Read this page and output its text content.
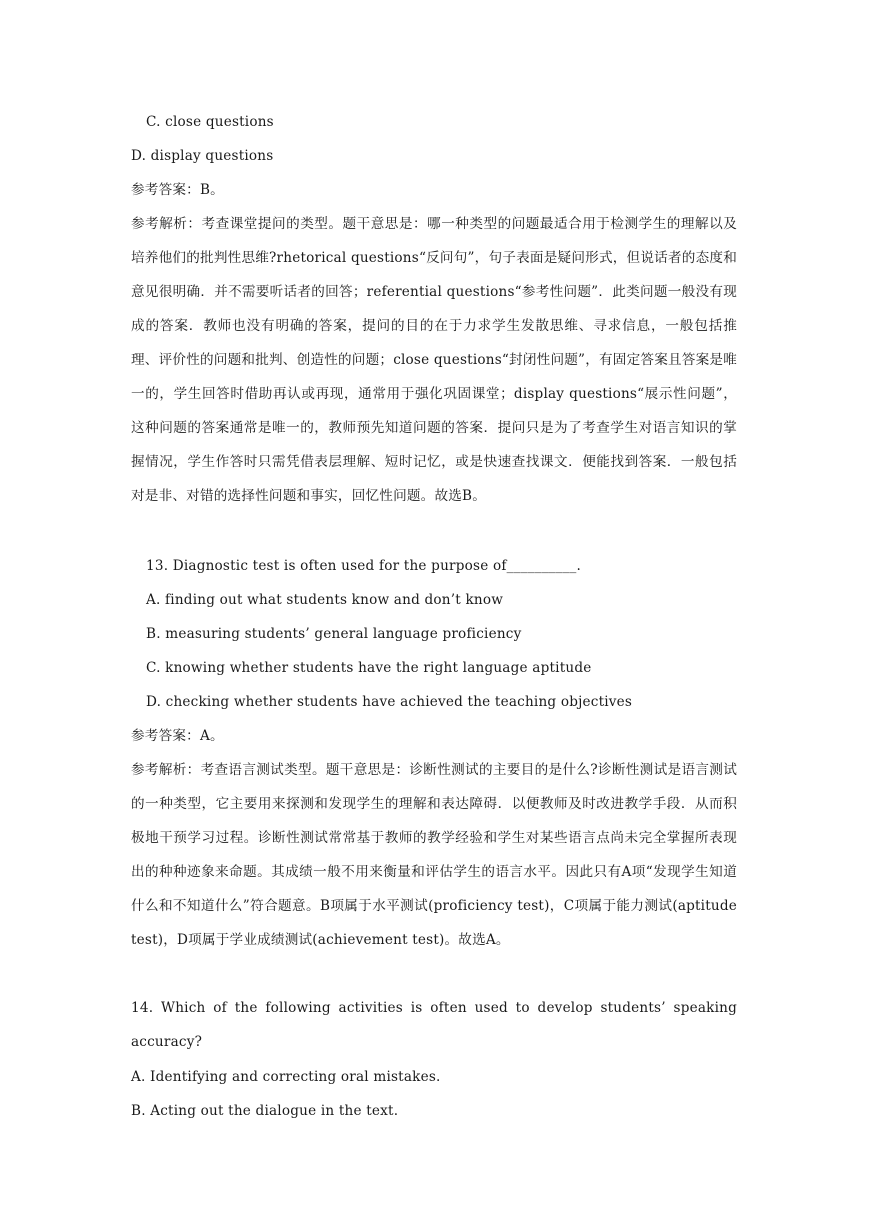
C. close questions
D. display questions
参考答案：B。
参考解析：考查课堂提问的类型。题干意思是：哪一种类型的问题最适合用于检测学生的理解以及培养他们的批判性思维?rhetorical questions“反问句”，句子表面是疑问形式，但说话者的态度和意见很明确．并不需要听话者的回答；referential questions“参考性问题”．此类问题一般没有现成的答案．教师也没有明确的答案，提问的目的在于力求学生发散思维、寻求信息，一般包括推理、评价性的问题和批判、创造性的问题；close questions“封闭性问题”，有固定答案且答案是唯一的，学生回答时借助再认或再现，通常用于强化巩固课堂；display questions“展示性问题”，这种问题的答案通常是唯一的，教师预先知道问题的答案．提问只是为了考查学生对语言知识的掌握情况，学生作答时只需凭借表层理解、短时记忆，或是快速查找课文．便能找到答案．一般包括对是非、对错的选择性问题和事实，回忆性问题。故选B。
13. Diagnostic test is often used for the purpose of__________.
A. finding out what students know and don’t know
B. measuring students’ general language proficiency
C. knowing whether students have the right language aptitude
D. checking whether students have achieved the teaching objectives
参考答案：A。
参考解析：考查语言测试类型。题干意思是：诊断性测试的主要目的是什么?诊断性测试是语言测试的一种类型，它主要用来探测和发现学生的理解和表达障碍．以便教师及时改进教学手段．从而积极地干预学习过程。诊断性测试常常基于教师的教学经验和学生对某些语言点尚未完全掌握所表现出的种种迹象来命题。其成绩一般不用来衡量和评估学生的语言水平。因此只有A项“发现学生知道什么和不知道什么”符合题意。B项属于水平测试(proficiency test)，C项属于能力测试(aptitude test)，D项属于学业成绩测试(achievement test)。故选A。
14. Which of the following activities is often used to develop students’ speaking accuracy?
A. Identifying and correcting oral mistakes.
B. Acting out the dialogue in the text.
